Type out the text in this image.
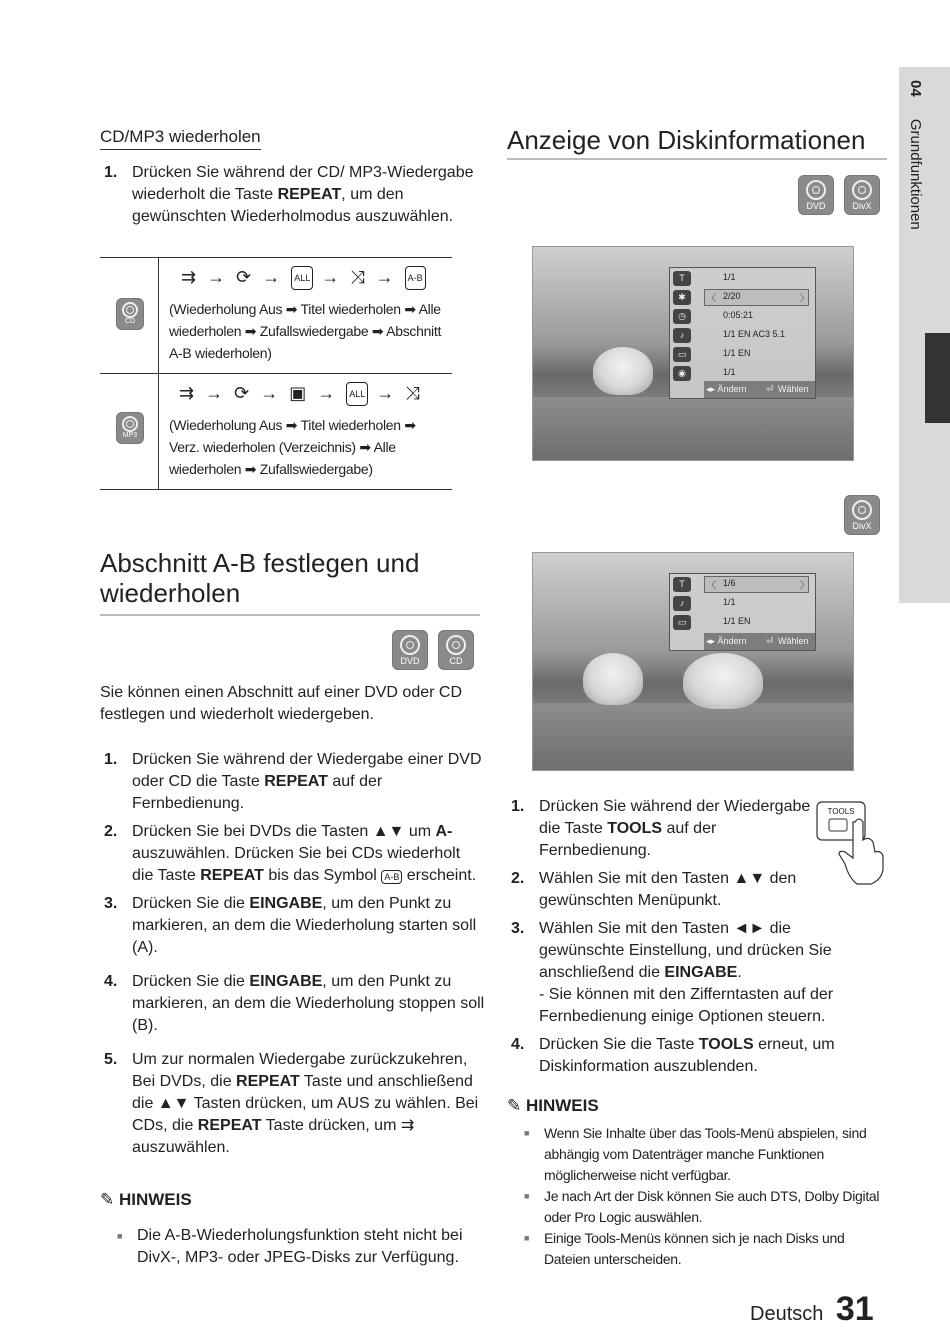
04 Grundfunktionen
CD/MP3 wiederholen
1. Drücken Sie während der CD/ MP3-Wiedergabe wiederholt die Taste REPEAT, um den gewünschten Wiederholmodus auszuwählen.
CD
⇉ → ⟳ → ALL → ⤨ → A-B
(Wiederholung Aus ➡ Titel wiederholen ➡ Alle wiederholen ➡ Zufallswiedergabe ➡ Abschnitt A-B wiederholen)
MP3
⇉ → ⟳ → ▣ → ALL → ⤨
(Wiederholung Aus ➡ Titel wiederholen ➡ Verz. wiederholen (Verzeichnis) ➡ Alle wiederholen ➡ Zufallswiedergabe)
Abschnitt A-B festlegen und
wiederholen
DVD	CD
Sie können einen Abschnitt auf einer DVD oder CD festlegen und wiederholt wiedergeben.
1. Drücken Sie während der Wiedergabe einer DVD oder CD die Taste REPEAT auf der Fernbedienung.
2. Drücken Sie bei DVDs die Tasten ▲▼ um A-auszuwählen. Drücken Sie bei CDs wiederholt die Taste REPEAT bis das Symbol A-B erscheint.
3. Drücken Sie die EINGABE, um den Punkt zu markieren, an dem die Wiederholung starten soll (A).
4. Drücken Sie die EINGABE, um den Punkt zu markieren, an dem die Wiederholung stoppen soll (B).
5. Um zur normalen Wiedergabe zurückzukehren, Bei DVDs, die REPEAT Taste und anschließend die ▲▼ Tasten drücken, um AUS zu wählen. Bei CDs, die REPEAT Taste drücken, um ⇉ auszuwählen.
✎ HINWEIS
■ Die A-B-Wiederholungsfunktion steht nicht bei DivX-, MP3- oder JPEG-Disks zur Verfügung.
Anzeige von Diskinformationen
DVD	DivX
T	1/1
✱	〈 2/20	〉
◷	0:05:21
♪	1/1 EN AC3 5.1
▭	1/1 EN
◉	1/1
◂▸ Ändern ⏎ Wählen
DivX
T	〈 1/6	〉
♪	1/1
▭	1/1 EN
◂▸ Ändern ⏎ Wählen
TOOLS
1. Drücken Sie während der Wiedergabe die Taste TOOLS auf der Fernbedienung.
2. Wählen Sie mit den Tasten ▲▼ den gewünschten Menüpunkt.
3. Wählen Sie mit den Tasten ◄► die gewünschte Einstellung, und drücken Sie anschließend die EINGABE.
- Sie können mit den Zifferntasten auf der Fernbedienung einige Optionen steuern.
4. Drücken Sie die Taste TOOLS erneut, um Diskinformation auszublenden.
✎ HINWEIS
■ Wenn Sie Inhalte über das Tools-Menü abspielen, sind abhängig vom Datenträger manche Funktionen möglicherweise nicht verfügbar.
■ Je nach Art der Disk können Sie auch DTS, Dolby Digital oder Pro Logic auswählen.
■ Einige Tools-Menüs können sich je nach Disks und Dateien unterscheiden.
Deutsch 31
